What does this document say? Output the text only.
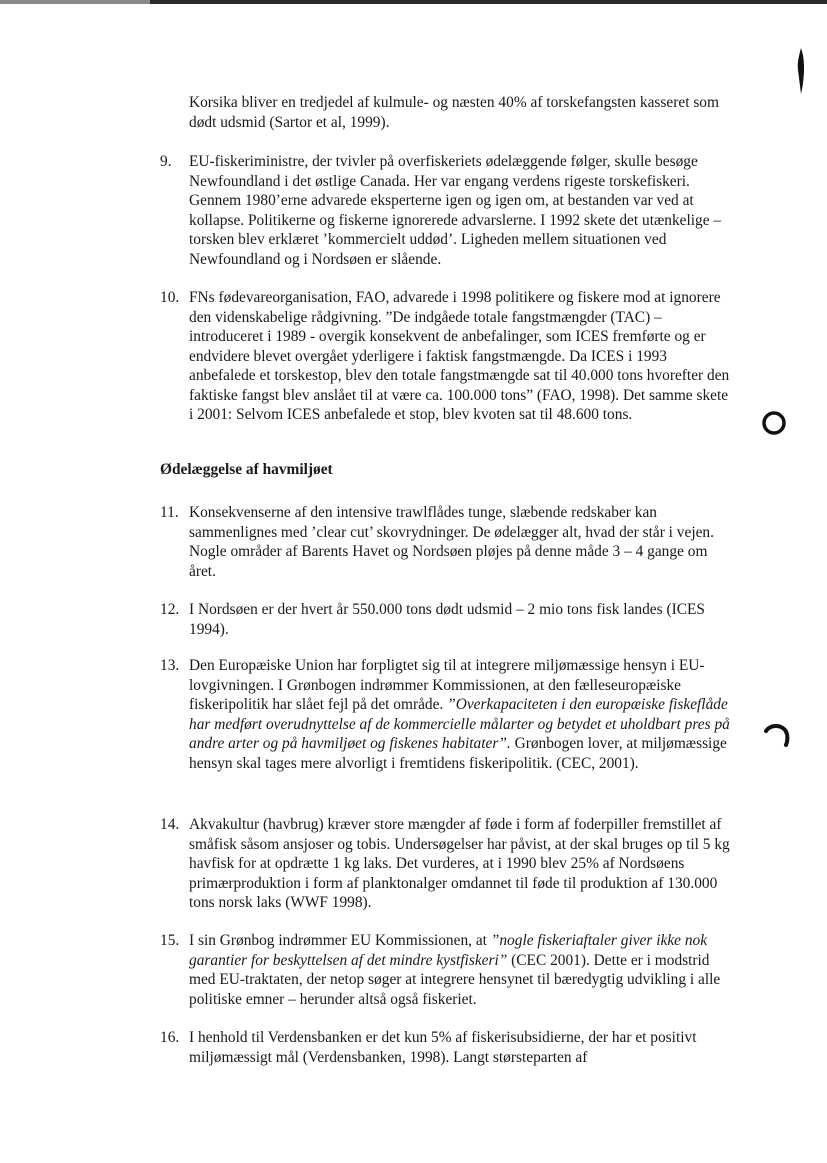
Korsika bliver en tredjedel af kulmule- og næsten 40% af torskefangsten kasseret som dødt udsmid (Sartor et al, 1999).
9. EU-fiskeriministre, der tvivler på overfiskeriets ødelæggende følger, skulle besøge Newfoundland i det østlige Canada. Her var engang verdens rigeste torskefiskeri. Gennem 1980’erne advarede eksperterne igen og igen om, at bestanden var ved at kollapse. Politikerne og fiskerne ignorerede advarslerne. I 1992 skete det utænkelige – torsken blev erklæret ’kommercielt uddød’. Ligheden mellem situationen ved Newfoundland og i Nordsøen er slående.
10. FNs fødevareorganisation, FAO, advarede i 1998 politikere og fiskere mod at ignorere den videnskabelige rådgivning. ”De indgåede totale fangstmængder (TAC) – introduceret i 1989 - overgik konsekvent de anbefalinger, som ICES fremførte og er endvidere blevet overgået yderligere i faktisk fangstmængde. Da ICES i 1993 anbefalede et torskestop, blev den totale fangstmængde sat til 40.000 tons hvorefter den faktiske fangst blev anslået til at være ca. 100.000 tons” (FAO, 1998). Det samme skete i 2001: Selvom ICES anbefalede et stop, blev kvoten sat til 48.600 tons.
Ødelæggelse af havmiljøet
11. Konsekvenserne af den intensive trawlflådes tunge, slæbende redskaber kan sammenlignes med ’clear cut’ skovrydninger. De ødelægger alt, hvad der står i vejen. Nogle områder af Barents Havet og Nordsøen pløjes på denne måde 3 – 4 gange om året.
12. I Nordsøen er der hvert år 550.000 tons dødt udsmid – 2 mio tons fisk landes (ICES 1994).
13. Den Europæiske Union har forpligtet sig til at integrere miljømæssige hensyn i EU-lovgivningen. I Grønbogen indrømmer Kommissionen, at den fælleseuropæiske fiskeripolitik har slået fejl på det område. ”Overkapaciteten i den europæiske fiskeflåde har medført overudnyttelse af de kommercielle målarter og betydet et uholdbart pres på andre arter og på havmiljøet og fiskenes habitater”. Grønbogen lover, at miljømæssige hensyn skal tages mere alvorligt i fremtidens fiskeripolitik. (CEC, 2001).
14. Akvakultur (havbrug) kræver store mængder af føde i form af foderpiller fremstillet af småfisk såsom ansjoser og tobis. Undersøgelser har påvist, at der skal bruges op til 5 kg havfisk for at opdrætte 1 kg laks. Det vurderes, at i 1990 blev 25% af Nordsøens primærproduktion i form af planktonalger omdannet til føde til produktion af 130.000 tons norsk laks (WWF 1998).
15. I sin Grønbog indrømmer EU Kommissionen, at ”nogle fiskeriaftaler giver ikke nok garantier for beskyttelsen af det mindre kystfiskeri” (CEC 2001). Dette er i modstrid med EU-traktaten, der netop søger at integrere hensynet til bæredygtig udvikling i alle politiske emner – herunder altså også fiskeriet.
16. I henhold til Verdensbanken er det kun 5% af fiskerisubsidierne, der har et positivt miljømæssigt mål (Verdensbanken, 1998). Langt størsteparten af
